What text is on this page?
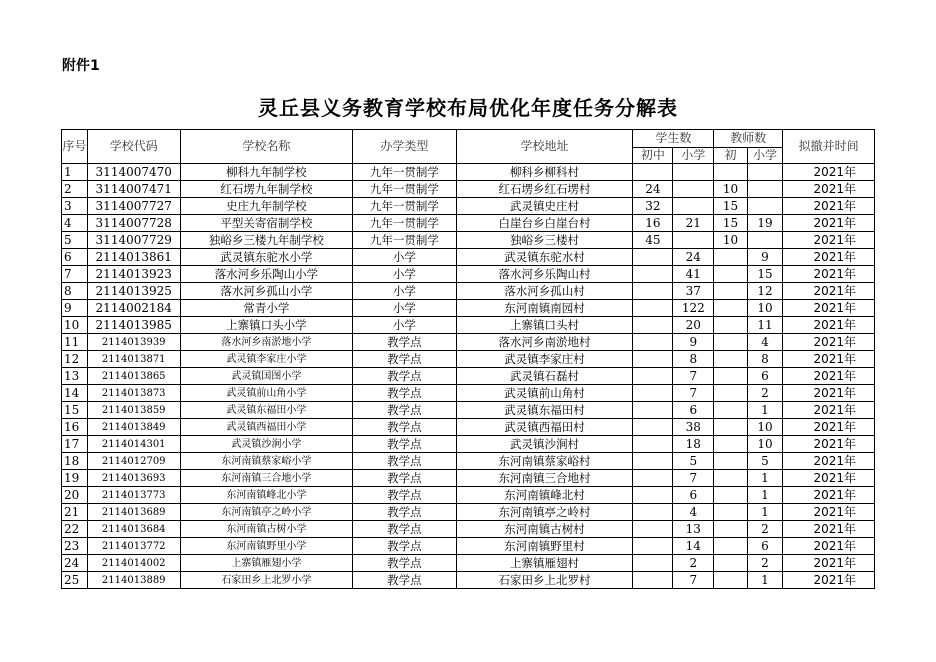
附件1
灵丘县义务教育学校布局优化年度任务分解表
序号	学校代码	学校名称	办学类型	学校地址	学生数		教师数		拟撤并时间
					初中	小学	初	小学	
1	3114007470	柳科九年制学校	九年一贯制学	柳科乡柳科村					2021年
2	3114007471	红石塄九年制学校	九年一贯制学	红石塄乡红石塄村	24		10		2021年
3	3114007727	史庄九年制学校	九年一贯制学	武灵镇史庄村	32		15		2021年
4	3114007728	平型关寄宿制学校	九年一贯制学	白崖台乡白崖台村	16	21	15	19	2021年
5	3114007729	独峪乡三楼九年制学校	九年一贯制学	独峪乡三楼村	45		10		2021年
6	2114013861	武灵镇东驼水小学	小学	武灵镇东驼水村		24		9	2021年
7	2114013923	落水河乡乐陶山小学	小学	落水河乡乐陶山村		41		15	2021年
8	2114013925	落水河乡孤山小学	小学	落水河乡孤山村		37		12	2021年
9	2114002184	常青小学	小学	东河南镇南园村		122		10	2021年
10	2114013985	上寨镇口头小学	小学	上寨镇口头村		20		11	2021年
11	2114013939	落水河乡南淤地小学	教学点	落水河乡南淤地村		9		4	2021年
12	2114013871	武灵镇李家庄小学	教学点	武灵镇李家庄村		8		8	2021年
13	2114013865	武灵镇国图小学	教学点	武灵镇石磊村		7		6	2021年
14	2114013873	武灵镇前山角小学	教学点	武灵镇前山角村		7		2	2021年
15	2114013859	武灵镇东福田小学	教学点	武灵镇东福田村		6		1	2021年
16	2114013849	武灵镇西福田小学	教学点	武灵镇西福田村		38		10	2021年
17	2114014301	武灵镇沙涧小学	教学点	武灵镇沙涧村		18		10	2021年
18	2114012709	东河南镇蔡家峪小学	教学点	东河南镇蔡家峪村		5		5	2021年
19	2114013693	东河南镇三合地小学	教学点	东河南镇三合地村		7		1	2021年
20	2114013773	东河南镇峰北小学	教学点	东河南镇峰北村		6		1	2021年
21	2114013689	东河南镇亭之岭小学	教学点	东河南镇亭之岭村		4		1	2021年
22	2114013684	东河南镇古树小学	教学点	东河南镇古树村		13		2	2021年
23	2114013772	东河南镇野里小学	教学点	东河南镇野里村		14		6	2021年
24	2114014002	上寨镇雁翅小学	教学点	上寨镇雁翅村		2		2	2021年
25	2114013889	石家田乡上北罗小学	教学点	石家田乡上北罗村		7		1	2021年
